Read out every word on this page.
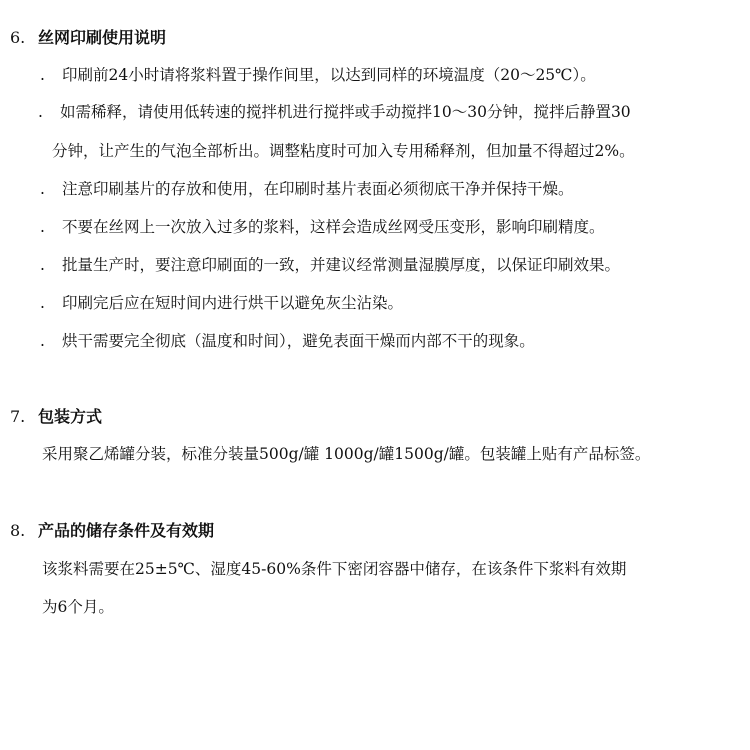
6. 丝网印刷使用说明
. 印刷前24小时请将浆料置于操作间里，以达到同样的环境温度（20～25℃）。
. 如需稀释，请使用低转速的搅拌机进行搅拌或手动搅拌10～30分钟，搅拌后静置30
分钟，让产生的气泡全部析出。调整粘度时可加入专用稀释剂，但加量不得超过2%。
. 注意印刷基片的存放和使用，在印刷时基片表面必须彻底干净并保持干燥。
. 不要在丝网上一次放入过多的浆料，这样会造成丝网受压变形，影响印刷精度。
. 批量生产时，要注意印刷面的一致，并建议经常测量湿膜厚度，以保证印刷效果。
. 印刷完后应在短时间内进行烘干以避免灰尘沾染。
. 烘干需要完全彻底（温度和时间），避免表面干燥而内部不干的现象。
7. 包装方式
采用聚乙烯罐分装，标准分装量500g/罐 1000g/罐1500g/罐。包装罐上贴有产品标签。
8. 产品的储存条件及有效期
该浆料需要在25±5℃、湿度45-60%条件下密闭容器中储存，在该条件下浆料有效期
为6个月。
